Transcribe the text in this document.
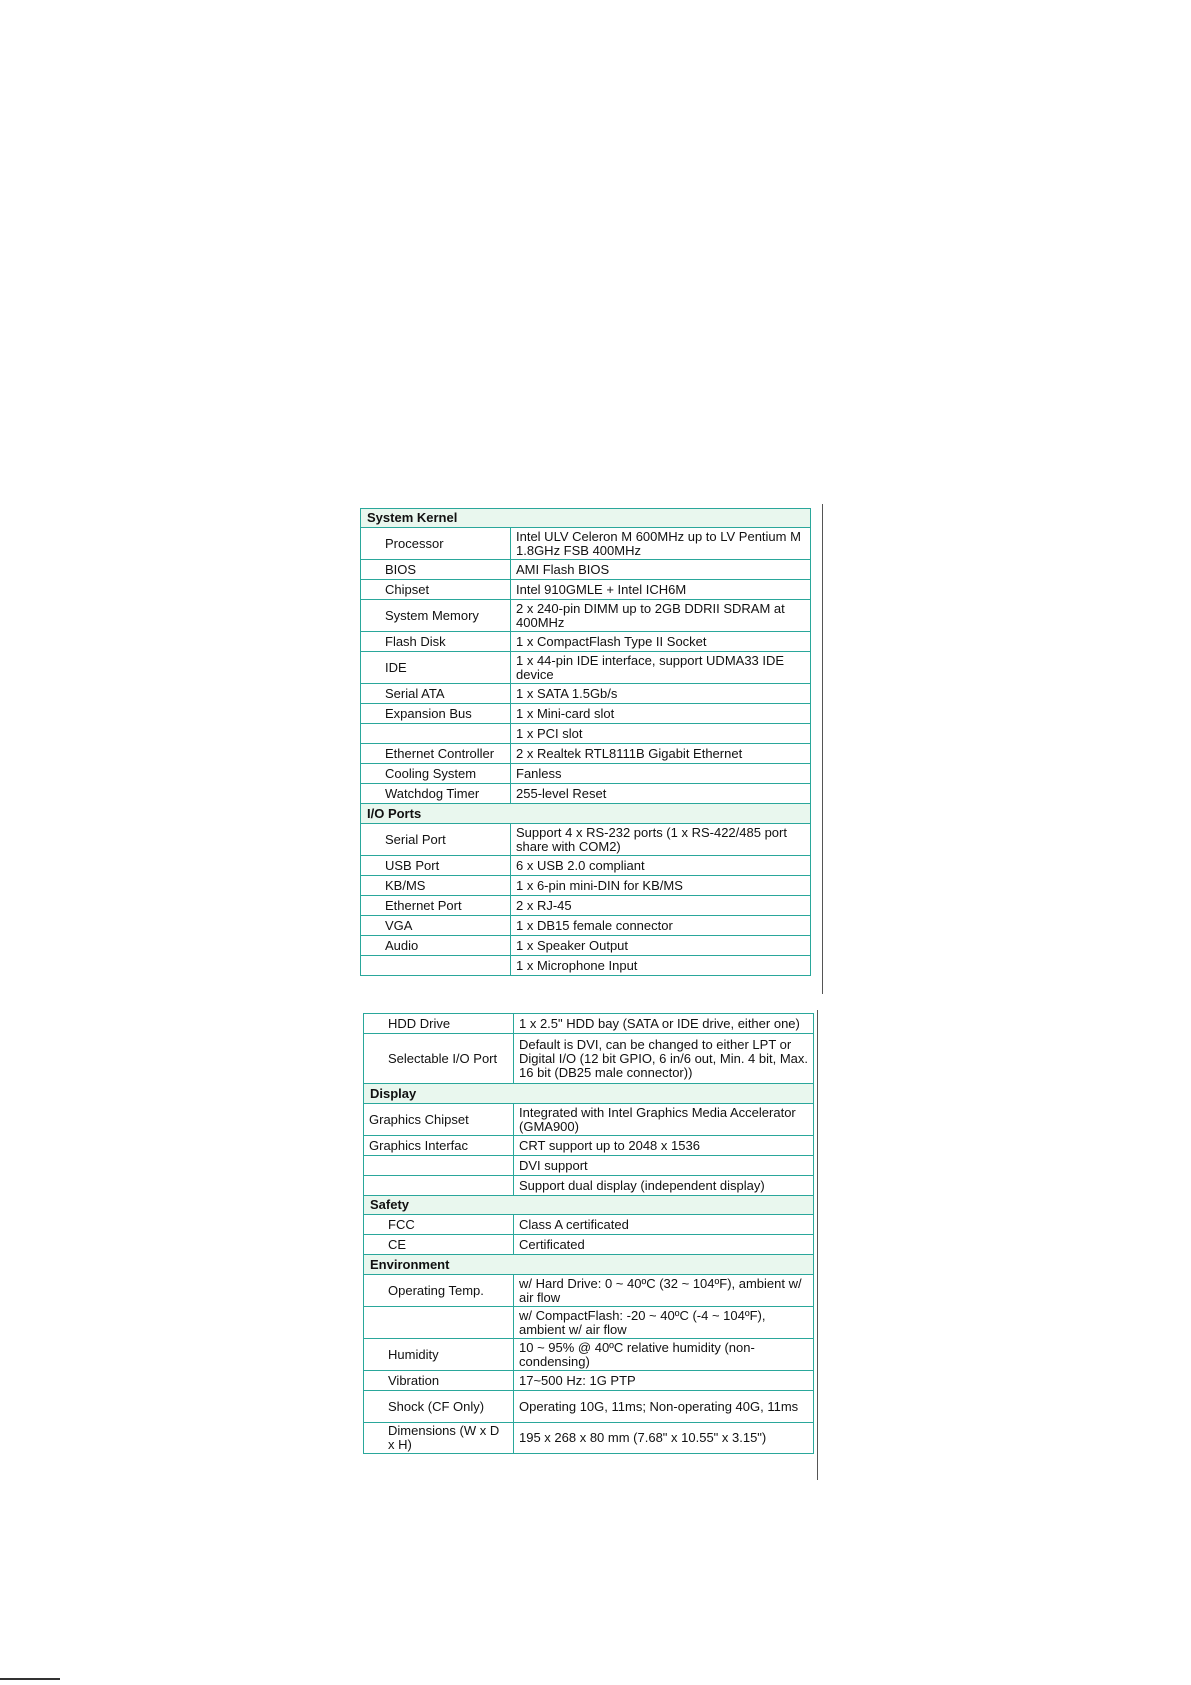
System Kernel	
Processor	Intel ULV Celeron M 600MHz up to LV Pentium M 1.8GHz FSB 400MHz
BIOS	AMI Flash BIOS
Chipset	Intel 910GMLE + Intel ICH6M
System Memory	2 x 240-pin DIMM up to 2GB DDRII SDRAM at 400MHz
Flash Disk	1 x CompactFlash Type II Socket
IDE	1 x 44-pin IDE interface, support UDMA33 IDE device
Serial ATA	1 x SATA 1.5Gb/s
Expansion Bus	1 x Mini-card slot
	1 x PCI slot
Ethernet Controller	2 x Realtek RTL8111B Gigabit Ethernet
Cooling System	Fanless
Watchdog Timer	255-level Reset
I/O Ports	
Serial Port	Support 4 x RS-232 ports (1 x RS-422/485 port share with COM2)
USB Port	6 x USB 2.0 compliant
KB/MS	1 x 6-pin mini-DIN for KB/MS
Ethernet Port	2 x RJ-45
VGA	1 x DB15 female connector
Audio	1 x Speaker Output
	1 x Microphone Input
HDD Drive	1 x 2.5" HDD bay (SATA or IDE drive, either one)
Selectable I/O Port	Default is DVI, can be changed to either LPT or Digital I/O (12 bit GPIO, 6 in/6 out, Min. 4 bit, Max. 16 bit (DB25 male connector))
Display	
Graphics Chipset	Integrated with Intel Graphics Media Accelerator (GMA900)
Graphics Interfac	CRT support up to 2048 x 1536
	DVI support
	Support dual display (independent display)
Safety	
FCC	Class A certificated
CE	Certificated
Environment	
Operating Temp.	w/ Hard Drive: 0 ~ 40ºC (32 ~ 104ºF), ambient w/ air flow
	w/ CompactFlash: -20 ~ 40ºC (-4 ~ 104ºF), ambient w/ air flow
Humidity	10 ~ 95% @ 40ºC relative humidity (non-condensing)
Vibration	17~500 Hz: 1G PTP
Shock (CF Only)	Operating 10G, 11ms; Non-operating 40G, 11ms
Dimensions (W x D x H)	195 x 268 x 80 mm (7.68" x 10.55" x 3.15")
